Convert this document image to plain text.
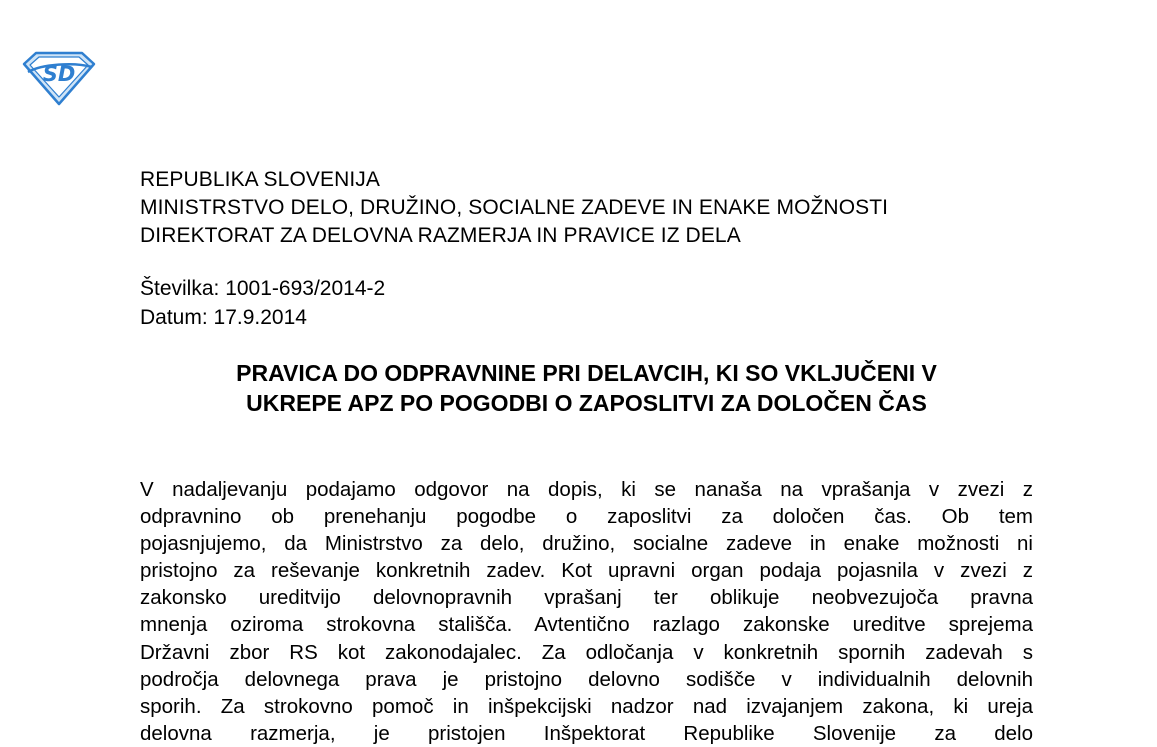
SD
REPUBLIKA SLOVENIJA
MINISTRSTVO DELO, DRUŽINO, SOCIALNE ZADEVE IN ENAKE MOŽNOSTI
DIREKTORAT ZA DELOVNA RAZMERJA IN PRAVICE IZ DELA
Številka: 1001-693/2014-2
Datum: 17.9.2014
PRAVICA DO ODPRAVNINE PRI DELAVCIH, KI SO VKLJUČENI V
UKREPE APZ PO POGODBI O ZAPOSLITVI ZA DOLOČEN ČAS
V nadaljevanju podajamo odgovor na dopis, ki se nanaša na vprašanja v zvezi z
odpravnino ob prenehanju pogodbe o zaposlitvi za določen čas. Ob tem
pojasnjujemo, da Ministrstvo za delo, družino, socialne zadeve in enake možnosti ni
pristojno za reševanje konkretnih zadev. Kot upravni organ podaja pojasnila v zvezi z
zakonsko ureditvijo delovnopravnih vprašanj ter oblikuje neobvezujoča pravna
mnenja oziroma strokovna stališča. Avtentično razlago zakonske ureditve sprejema
Državni zbor RS kot zakonodajalec. Za odločanja v konkretnih spornih zadevah s
področja delovnega prava je pristojno delovno sodišče v individualnih delovnih
sporih. Za strokovno pomoč in inšpekcijski nadzor nad izvajanjem zakona, ki ureja
delovna razmerja, je pristojen Inšpektorat Republike Slovenije za delo
